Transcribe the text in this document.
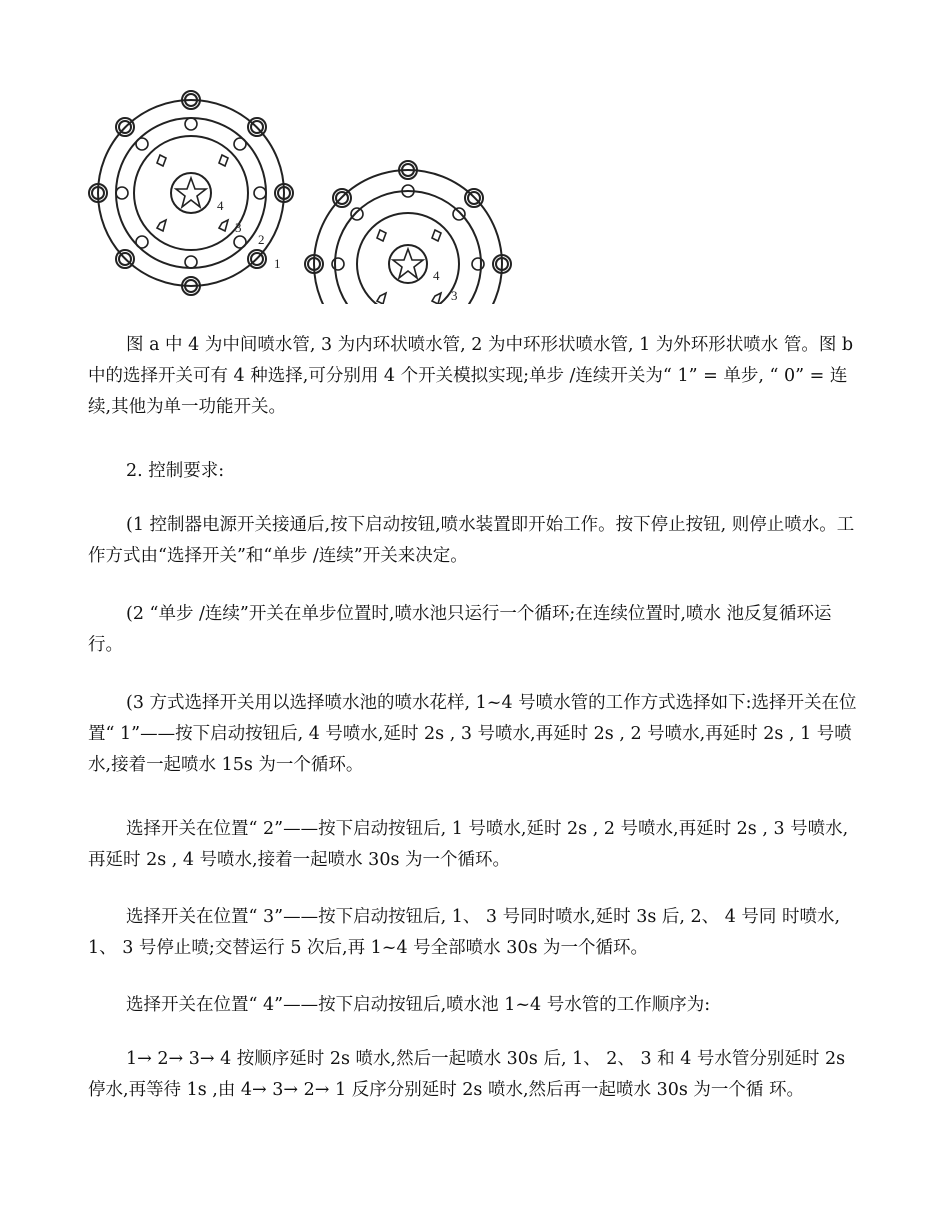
4
3
2
1
4
3

图 a 中 4 为中间喷水管, 3 为内环状喷水管, 2 为中环形状喷水管, 1 为外环形状喷水 管。图 b 中的选择开关可有 4 种选择,可分别用 4 个开关模拟实现;单步 /连续开关为“ 1” = 单步, “ 0” = 连续,其他为单一功能开关。

2. 控制要求:

(1 控制器电源开关接通后,按下启动按钮,喷水装置即开始工作。按下停止按钮, 则停止喷水。工作方式由“选择开关”和“单步 /连续”开关来决定。

(2 “单步 /连续”开关在单步位置时,喷水池只运行一个循环;在连续位置时,喷水 池反复循环运行。

(3 方式选择开关用以选择喷水池的喷水花样, 1~4 号喷水管的工作方式选择如下:选择开关在位置“ 1”——按下启动按钮后, 4 号喷水,延时 2s , 3 号喷水,再延时 2s , 2 号喷水,再延时 2s , 1 号喷水,接着一起喷水 15s 为一个循环。

选择开关在位置“ 2”——按下启动按钮后, 1 号喷水,延时 2s , 2 号喷水,再延时 2s , 3 号喷水,再延时 2s , 4 号喷水,接着一起喷水 30s 为一个循环。

选择开关在位置“ 3”——按下启动按钮后, 1、 3 号同时喷水,延时 3s 后, 2、 4 号同 时喷水, 1、 3 号停止喷;交替运行 5 次后,再 1~4 号全部喷水 30s 为一个循环。

选择开关在位置“ 4”——按下启动按钮后,喷水池 1~4 号水管的工作顺序为:

1→ 2→ 3→ 4 按顺序延时 2s 喷水,然后一起喷水 30s 后, 1、 2、 3 和 4 号水管分别延时 2s 停水,再等待 1s ,由 4→ 3→ 2→ 1 反序分别延时 2s 喷水,然后再一起喷水 30s 为一个循 环。
